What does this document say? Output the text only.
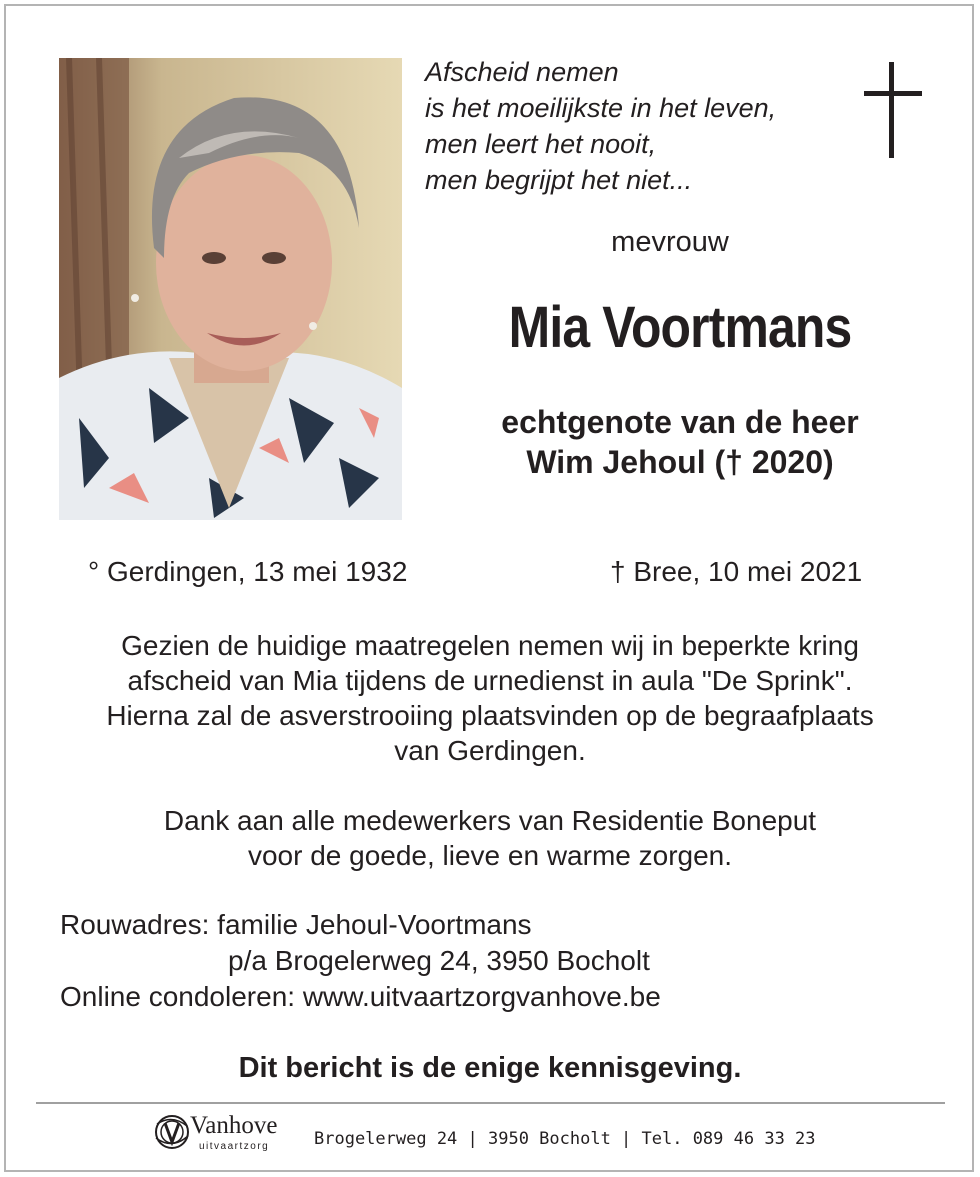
Afscheid nemen
is het moeilijkste in het leven,
men leert het nooit,
men begrijpt het niet...
mevrouw
Mia Voortmans
echtgenote van de heer
Wim Jehoul († 2020)
° Gerdingen, 13 mei 1932	† Bree, 10 mei 2021
Gezien de huidige maatregelen nemen wij in beperkte kring
afscheid van Mia tijdens de urnedienst in aula "De Sprink".
Hierna zal de asverstrooiing plaatsvinden op de begraafplaats
van Gerdingen.
Dank aan alle medewerkers van Residentie Boneput
voor de goede, lieve en warme zorgen.
Rouwadres: familie Jehoul-Voortmans
p/a Brogelerweg 24, 3950 Bocholt
Online condoleren: www.uitvaartzorgvanhove.be
Dit bericht is de enige kennisgeving.
Vanhove
uitvaartzorg	Brogelerweg 24 | 3950 Bocholt | Tel. 089 46 33 23
